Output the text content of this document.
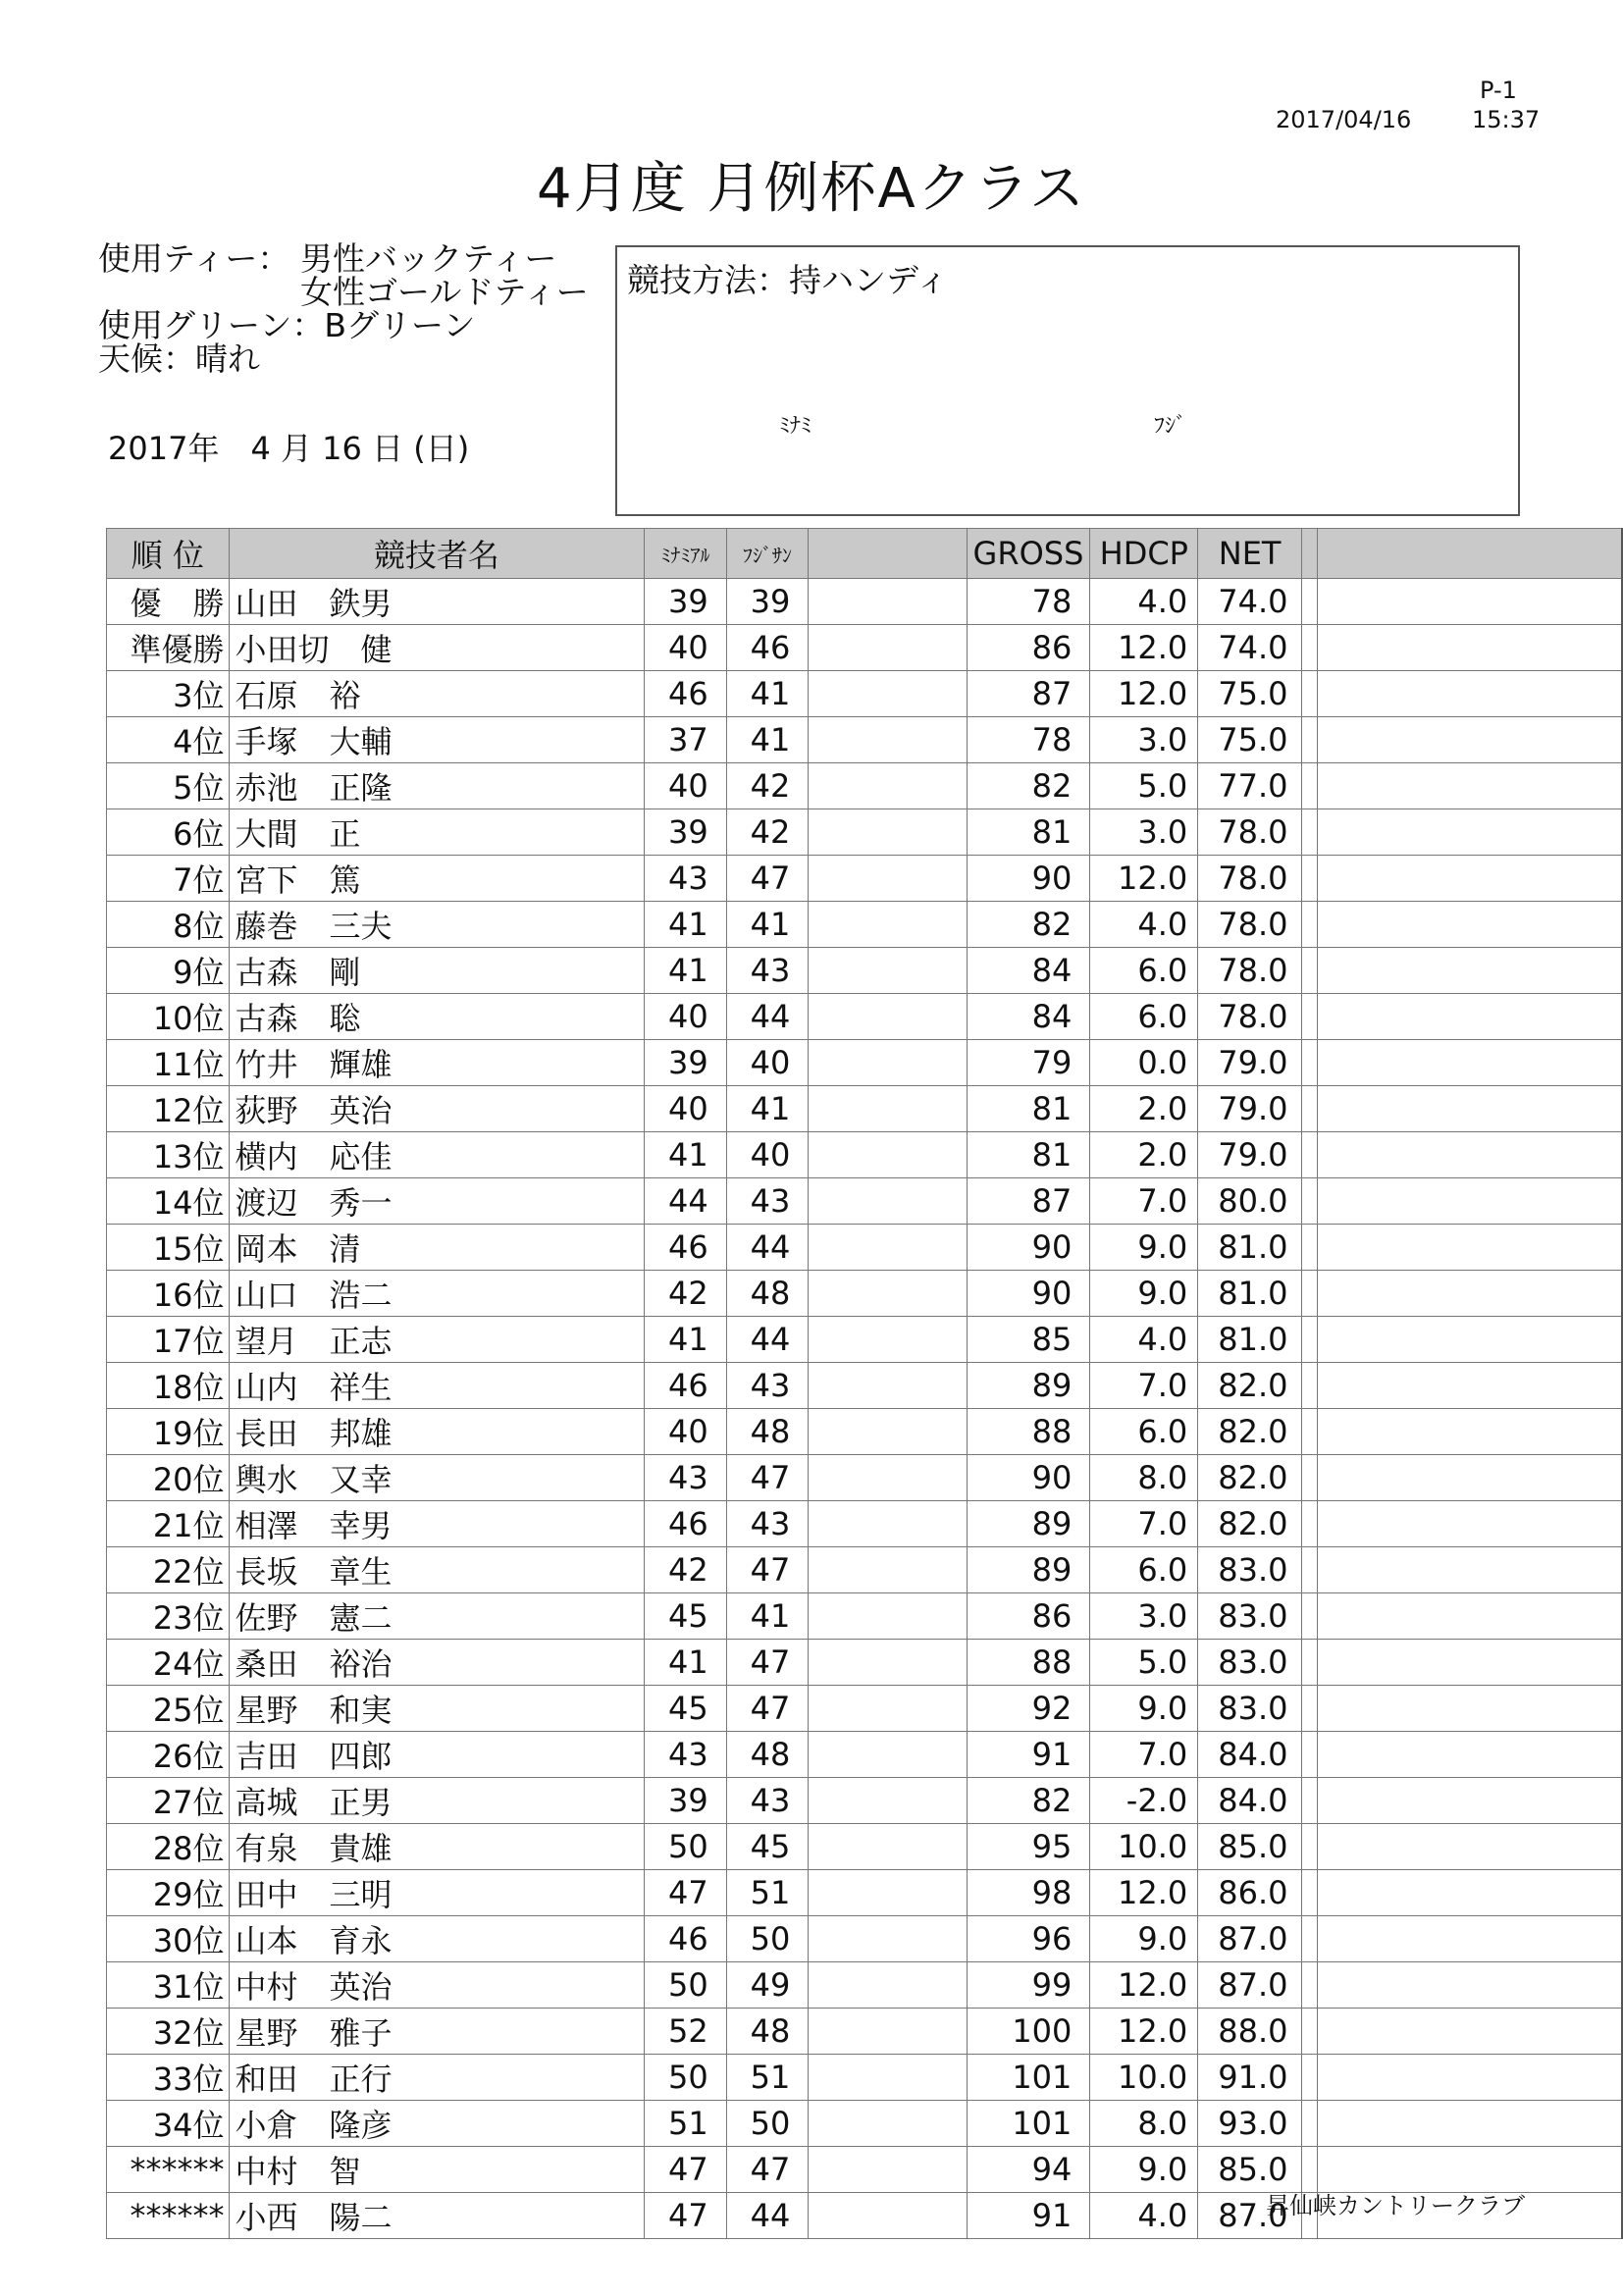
P-1
2017/04/16	15:37
4月度 月例杯Aクラス
使用ティー： 男性バックティー
女性ゴールドティー
使用グリーン：Bグリーン
天候：晴れ
2017年　4 月 16 日 (日)
競技方法：持ハンディ
ﾐﾅﾐ	ﾌｼﾞ
順 位	競技者名	ﾐﾅﾐｱﾙ	ﾌｼﾞｻﾝ		GROSS	HDCP	NET		
優　勝	山田　鉄男	39	39		78	4.0	74.0		
準優勝	小田切　健	40	46		86	12.0	74.0		
3位	石原　裕	46	41		87	12.0	75.0		
4位	手塚　大輔	37	41		78	3.0	75.0		
5位	赤池　正隆	40	42		82	5.0	77.0		
6位	大間　正	39	42		81	3.0	78.0		
7位	宮下　篤	43	47		90	12.0	78.0		
8位	藤巻　三夫	41	41		82	4.0	78.0		
9位	古森　剛	41	43		84	6.0	78.0		
10位	古森　聡	40	44		84	6.0	78.0		
11位	竹井　輝雄	39	40		79	0.0	79.0		
12位	荻野　英治	40	41		81	2.0	79.0		
13位	横内　応佳	41	40		81	2.0	79.0		
14位	渡辺　秀一	44	43		87	7.0	80.0		
15位	岡本　清	46	44		90	9.0	81.0		
16位	山口　浩二	42	48		90	9.0	81.0		
17位	望月　正志	41	44		85	4.0	81.0		
18位	山内　祥生	46	43		89	7.0	82.0		
19位	長田　邦雄	40	48		88	6.0	82.0		
20位	輿水　又幸	43	47		90	8.0	82.0		
21位	相澤　幸男	46	43		89	7.0	82.0		
22位	長坂　章生	42	47		89	6.0	83.0		
23位	佐野　憲二	45	41		86	3.0	83.0		
24位	桑田　裕治	41	47		88	5.0	83.0		
25位	星野　和実	45	47		92	9.0	83.0		
26位	吉田　四郎	43	48		91	7.0	84.0		
27位	高城　正男	39	43		82	-2.0	84.0		
28位	有泉　貴雄	50	45		95	10.0	85.0		
29位	田中　三明	47	51		98	12.0	86.0		
30位	山本　育永	46	50		96	9.0	87.0		
31位	中村　英治	50	49		99	12.0	87.0		
32位	星野　雅子	52	48		100	12.0	88.0		
33位	和田　正行	50	51		101	10.0	91.0		
34位	小倉　隆彦	51	50		101	8.0	93.0		
******	中村　智	47	47		94	9.0	85.0		
******	小西　陽二	47	44		91	4.0	87.0		
昇仙峡カントリークラブ
